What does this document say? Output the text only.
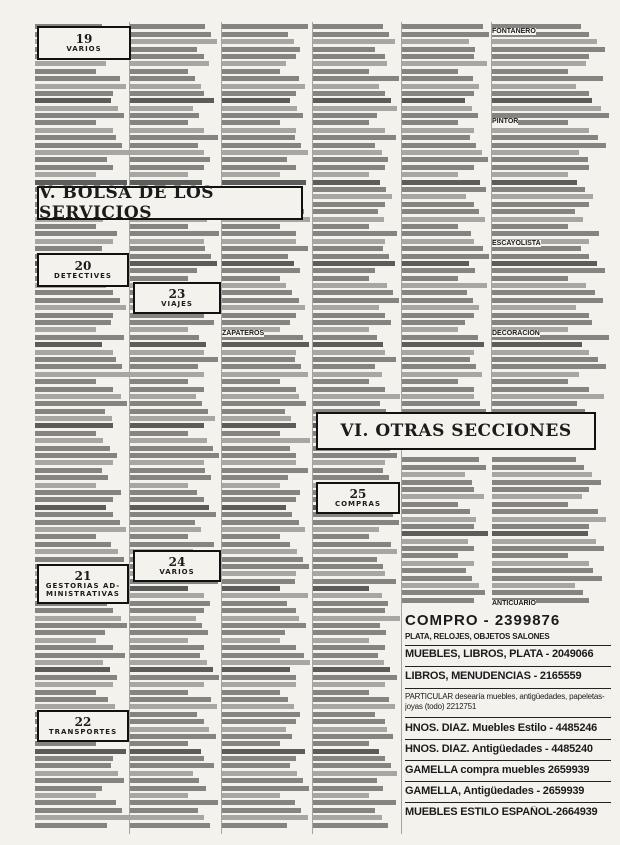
19
VARIOS
20
DETECTIVES
21
GESTORIAS AD-MINISTRATIVAS
22
TRANSPORTES
23
VIAJES
24
VARIOS
25
COMPRAS
V. BOLSA DE LOS SERVICIOS
VI. OTRAS SECCIONES
COMPRO - 2399876
PLATA, RELOJES, OBJETOS SALONES
MUEBLES, LIBROS, PLATA - 2049066
LIBROS, MENUDENCIAS - 2165559
PARTICULAR desearía muebles, antigüedades, papeletas-joyas (todo) 2212751
HNOS. DIAZ. Muebles Estilo - 4485246
HNOS. DIAZ. Antigüedades - 4485240
GAMELLA compra muebles 2659939
GAMELLA, Antigüedades - 2659939
MUEBLES ESTILO ESPAÑOL-2664939
ANTICUARIO
FONTANERO
PINTOR
ESCAYOLISTA
DECORACION
ZAPATEROS
